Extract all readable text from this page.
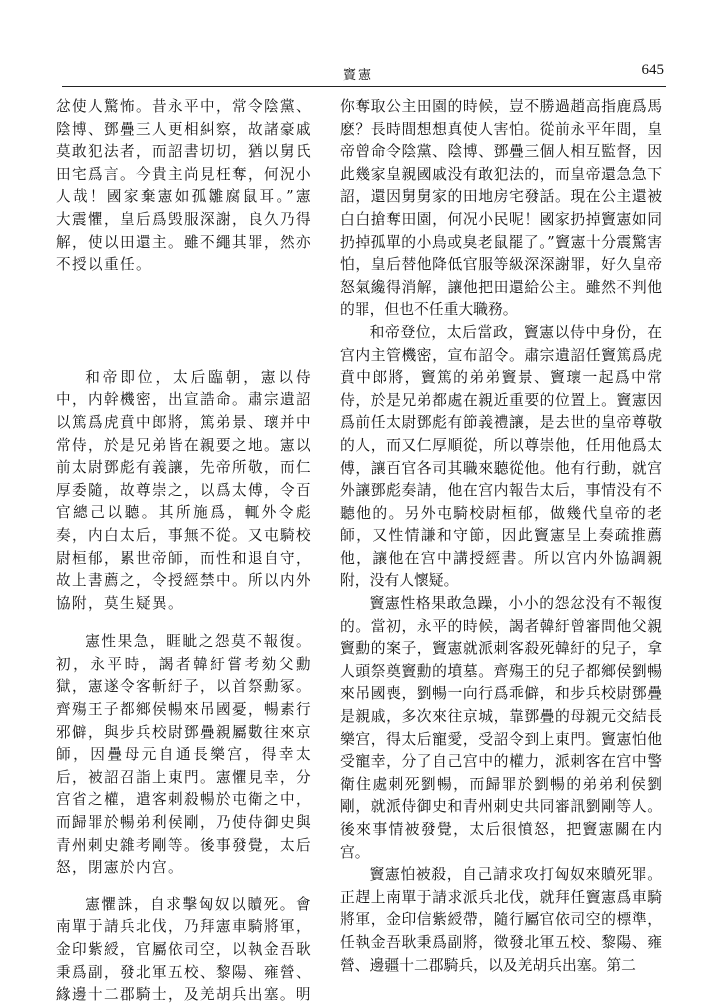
竇憲	645

忿使人驚怖。昔永平中，常令陰黨、陰博、鄧疊三人更相糾察，故諸豪戚莫敢犯法者，而詔書切切，猶以舅氏田宅爲言。今貴主尚見枉奪，何況小人哉！國家棄憲如孤雛腐鼠耳。”憲大震懼，皇后爲毁服深謝，良久乃得解，使以田還主。雖不繩其罪，然亦不授以重任。

和帝即位，太后臨朝，憲以侍中，内幹機密，出宣誥命。肅宗遺詔以篤爲虎賁中郎將，篤弟景、瓌并中常侍，於是兄弟皆在親要之地。憲以前太尉鄧彪有義讓，先帝所敬，而仁厚委隨，故尊崇之，以爲太傅，令百官總己以聽。其所施爲，輒外令彪奏，内白太后，事無不從。又屯騎校尉桓郁，累世帝師，而性和退自守，故上書薦之，令授經禁中。所以内外協附，莫生疑異。

憲性果急，睚眦之怨莫不報復。初，永平時，謁者韓紆嘗考劾父勳獄，憲遂令客斬紆子，以首祭勳冢。齊殤王子都鄉侯暢來吊國憂，暢素行邪僻，與步兵校尉鄧疊親屬數往來京師，因疊母元自通長樂宫，得幸太后，被詔召詣上東門。憲懼見幸，分宫省之權，遣客刺殺暢於屯衛之中，而歸罪於暢弟利侯剛，乃使侍御史與青州刺史雜考剛等。後事發覺，太后怒，閉憲於内宫。

憲懼誅，自求擊匈奴以贖死。會南單于請兵北伐，乃拜憲車騎將軍，金印紫綬，官屬依司空，以執金吾耿秉爲副，發北軍五校、黎陽、雍營、緣邊十二郡騎士，及羌胡兵出塞。明

你奪取公主田園的時候，豈不勝過趙高指鹿爲馬麽？長時間想想真使人害怕。從前永平年間，皇帝曾命令陰黨、陰博、鄧疊三個人相互監督，因此幾家皇親國戚没有敢犯法的，而皇帝還急急下詔，還因舅舅家的田地房宅發話。現在公主還被白白搶奪田園，何况小民呢！國家扔掉竇憲如同扔掉孤單的小鳥或臭老鼠罷了。”竇憲十分震驚害怕，皇后替他降低官服等級深深謝罪，好久皇帝怒氣纔得消解，讓他把田還給公主。雖然不判他的罪，但也不任重大職務。

和帝登位，太后當政，竇憲以侍中身份，在宫内主管機密，宣布詔令。肅宗遺詔任竇篤爲虎賁中郎將，竇篤的弟弟竇景、竇瓌一起爲中常侍，於是兄弟都處在親近重要的位置上。竇憲因爲前任太尉鄧彪有節義禮讓，是去世的皇帝尊敬的人，而又仁厚順從，所以尊崇他，任用他爲太傅，讓百官各司其職來聽從他。他有行動，就宫外讓鄧彪奏請，他在宫内報告太后，事情没有不聽他的。另外屯騎校尉桓郁，做幾代皇帝的老師，又性情謙和守節，因此竇憲呈上奏疏推薦他，讓他在宫中講授經書。所以宫内外協調親附，没有人懷疑。

竇憲性格果敢急躁，小小的怨忿没有不報復的。當初，永平的時候，謁者韓紆曾審問他父親竇勳的案子，竇憲就派刺客殺死韓紆的兒子，拿人頭祭奠竇勳的墳墓。齊殤王的兒子都鄉侯劉暢來吊國喪，劉暢一向行爲乖僻，和步兵校尉鄧疊是親戚，多次來往京城，靠鄧疊的母親元交結長樂宫，得太后寵愛，受詔令到上東門。竇憲怕他受寵幸，分了自己宫中的權力，派刺客在宫中警衛住處刺死劉暢，而歸罪於劉暢的弟弟利侯劉剛，就派侍御史和青州刺史共同審訊劉剛等人。後來事情被發覺，太后很憤怒，把竇憲關在内宫。

竇憲怕被殺，自己請求攻打匈奴來贖死罪。正趕上南單于請求派兵北伐，就拜任竇憲爲車騎將軍，金印信紫綬帶，隨行屬官依司空的標準，任執金吾耿秉爲副將，徵發北軍五校、黎陽、雍營、邊疆十二郡騎兵，以及羌胡兵出塞。第二
